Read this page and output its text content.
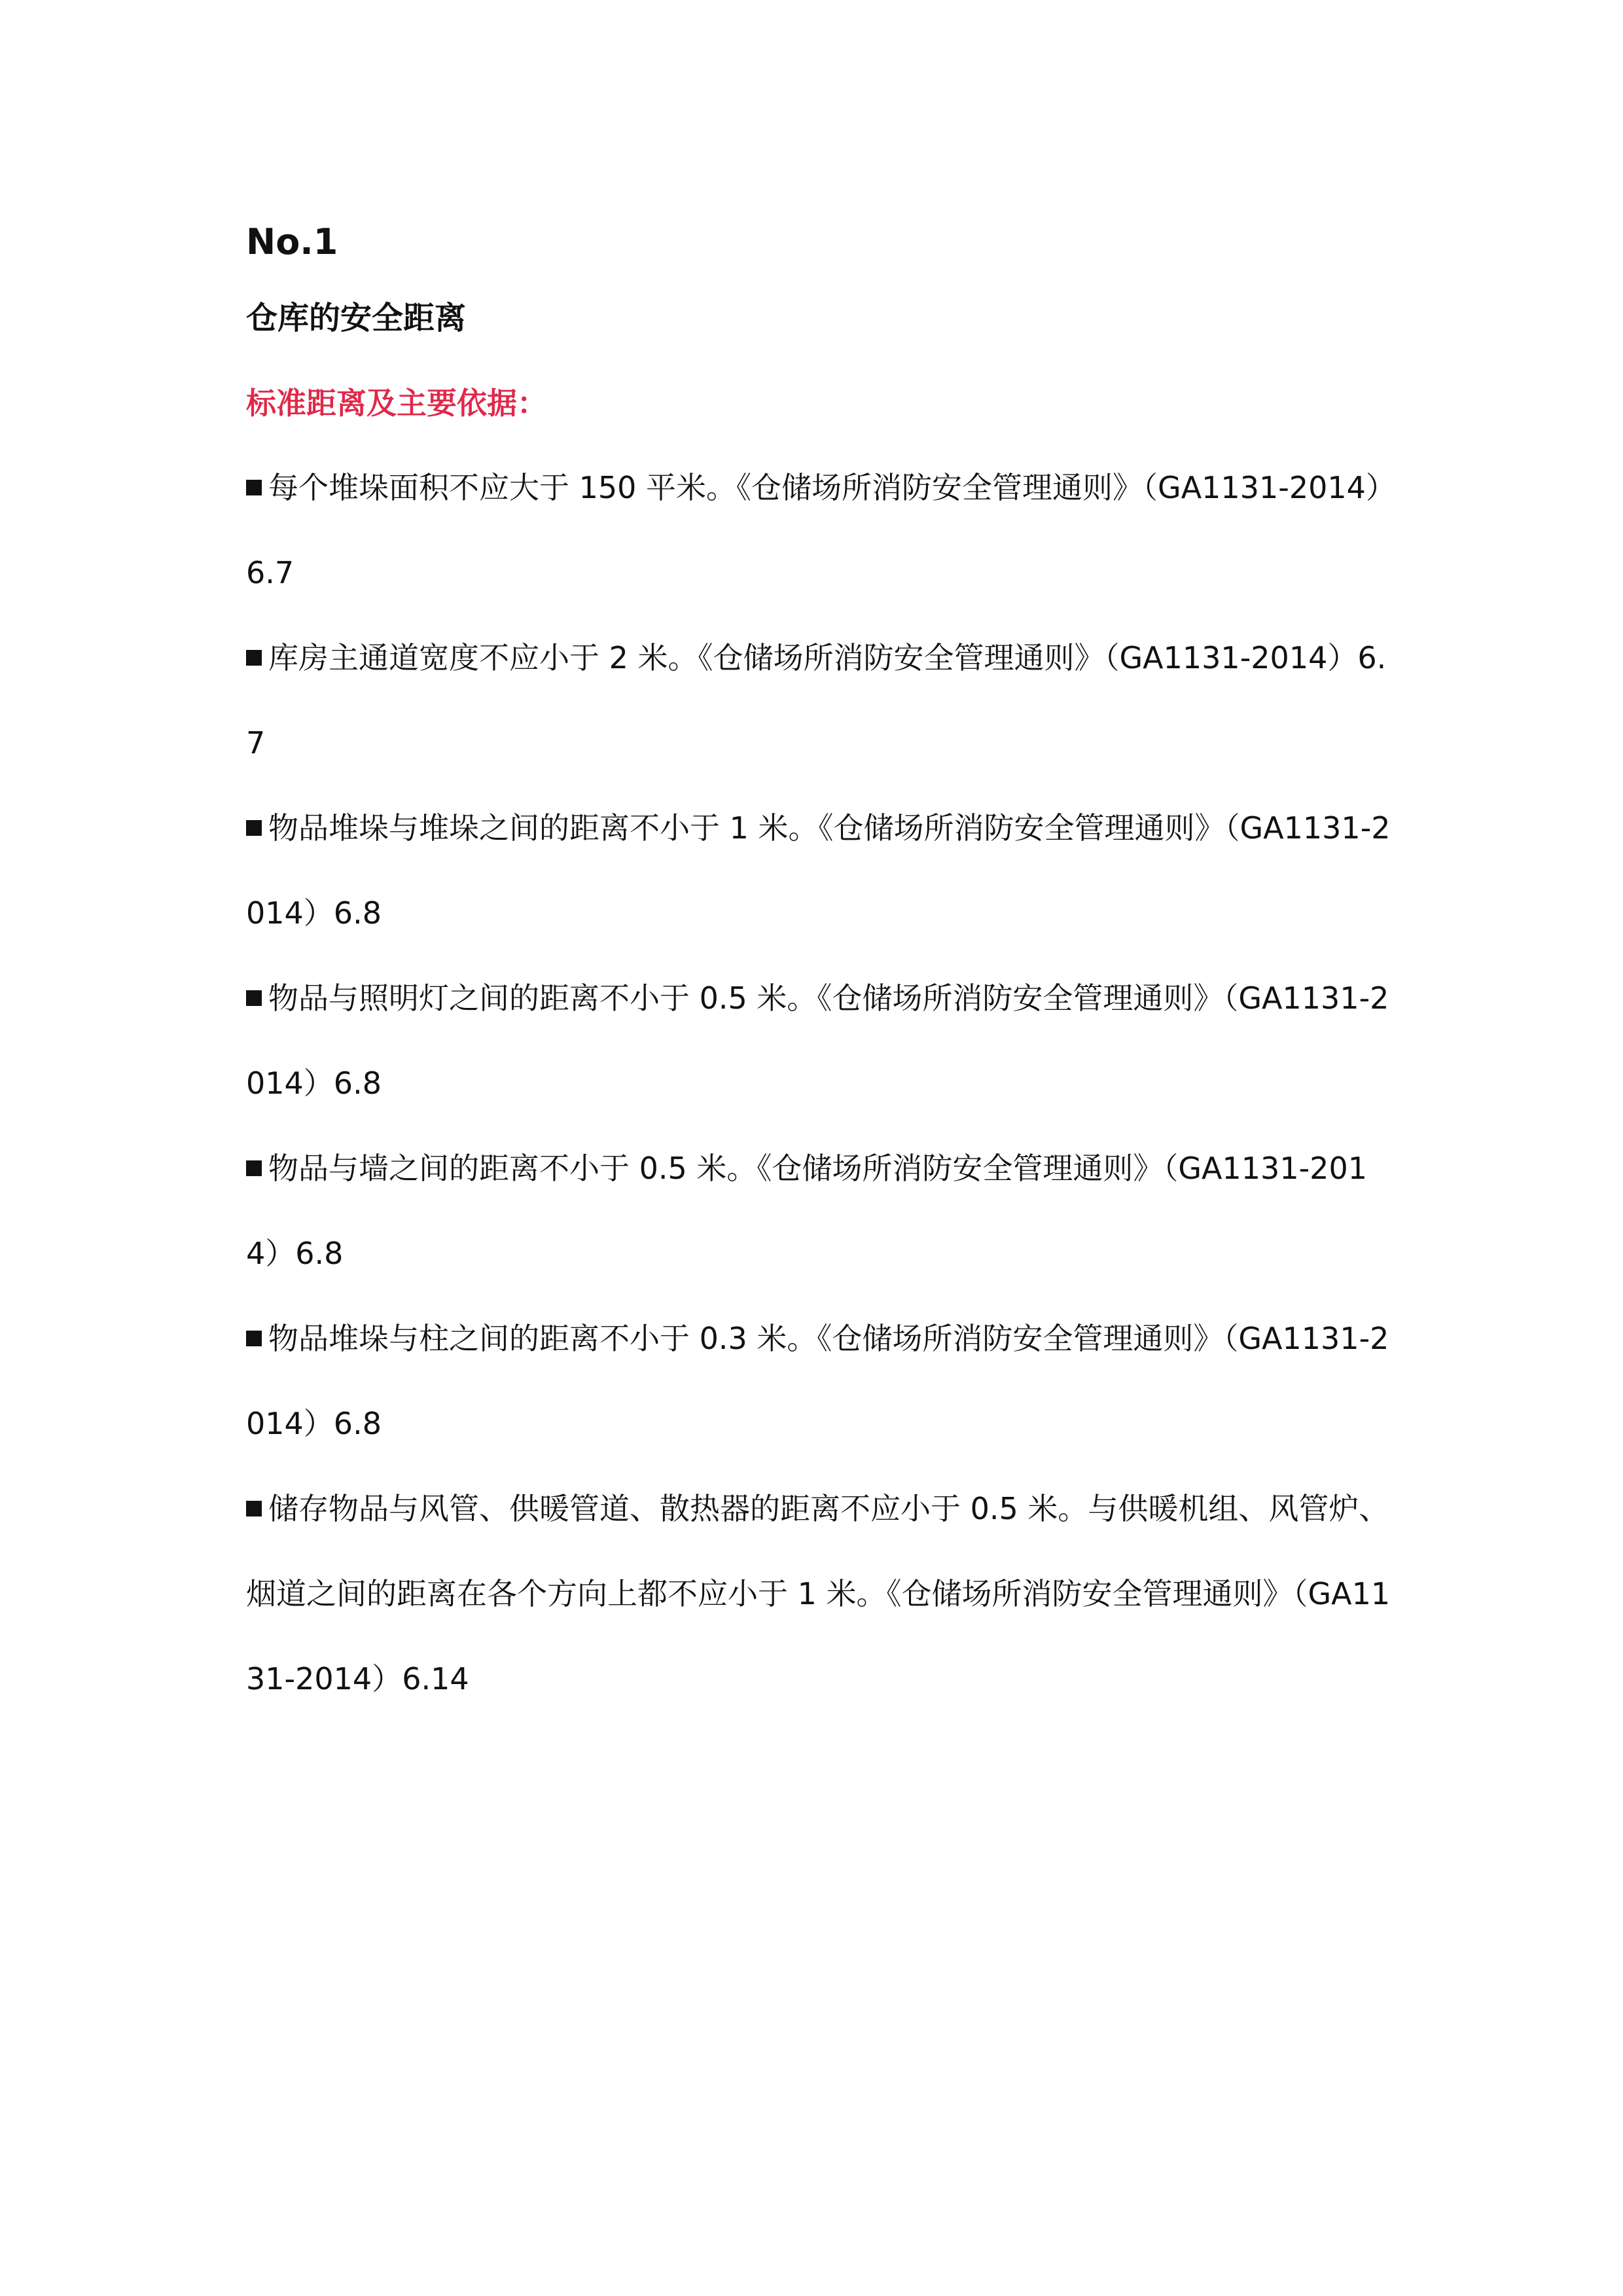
No.1
仓库的安全距离
标准距离及主要依据：
每个堆垛面积不应大于 150 平米。《仓储场所消防安全管理通则》（GA1131-2014）6.7
库房主通道宽度不应小于 2 米。《仓储场所消防安全管理通则》（GA1131-2014）6.7
物品堆垛与堆垛之间的距离不小于 1 米。《仓储场所消防安全管理通则》（GA1131-2014）6.8
物品与照明灯之间的距离不小于 0.5 米。《仓储场所消防安全管理通则》（GA1131-2014）6.8
物品与墙之间的距离不小于 0.5 米。《仓储场所消防安全管理通则》（GA1131-2014）6.8
物品堆垛与柱之间的距离不小于 0.3 米。《仓储场所消防安全管理通则》（GA1131-2014）6.8
储存物品与风管、供暖管道、散热器的距离不应小于 0.5 米。与供暖机组、风管炉、烟道之间的距离在各个方向上都不应小于 1 米。《仓储场所消防安全管理通则》（GA1131-2014）6.14
